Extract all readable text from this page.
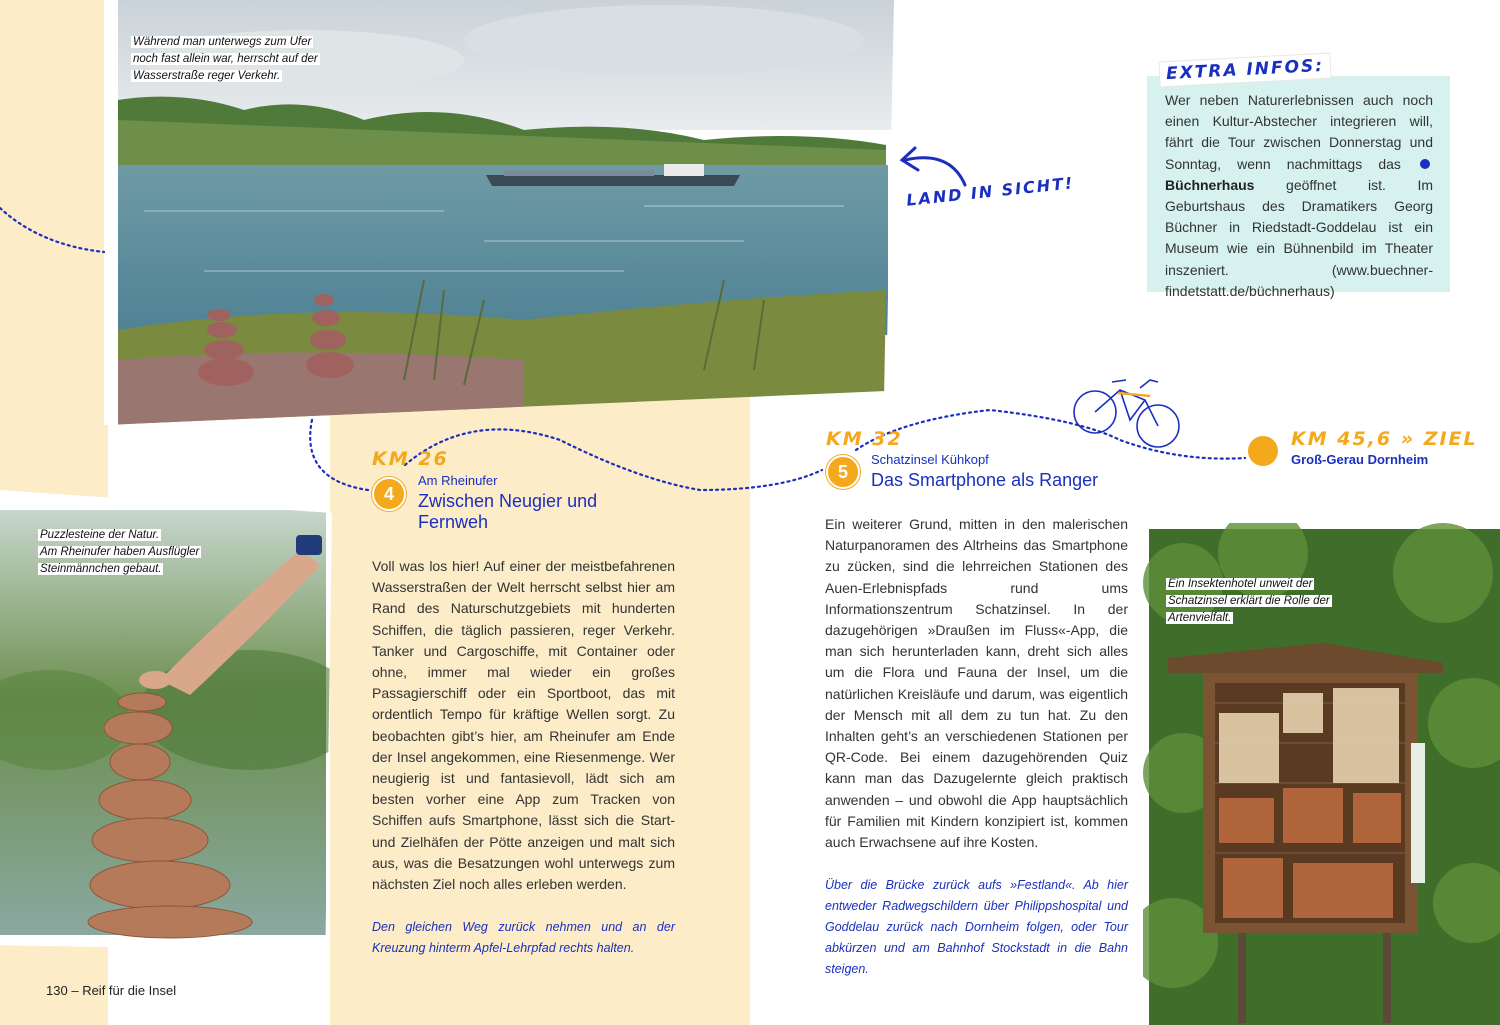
Während man unterwegs zum Ufer
noch fast allein war, herrscht auf der
Wasserstraße reger Verkehr.
Puzzlesteine der Natur.
Am Rheinufer haben Ausflügler
Steinmännchen gebaut.
Ein Insektenhotel unweit der
Schatzinsel erklärt die Rolle der
Artenvielfalt.
LAND IN SICHT!
EXTRA INFOS:
Wer neben Naturerlebnissen auch noch einen Kultur-Abstecher integrieren will, fährt die Tour zwischen Donnerstag und Sonntag, wenn nachmittags das Büchnerhaus geöffnet ist. Im Geburtshaus des Dramatikers Georg Büchner in Riedstadt-Goddelau ist ein Museum wie ein Bühnenbild im Theater inszeniert. (www.buechner-findetstatt.de/büchnerhaus)
KM 26
4
Am Rheinufer
Zwischen Neugier und Fernweh
KM 32
5
Schatzinsel Kühkopf
Das Smartphone als Ranger
KM 45,6 » ZIEL
Groß-Gerau Dornheim
Voll was los hier! Auf einer der meistbefahrenen Wasserstraßen der Welt herrscht selbst hier am Rand des Naturschutzgebiets mit hunderten Schiffen, die täglich passieren, reger Verkehr. Tanker und Cargoschiffe, mit Container oder ohne, immer mal wieder ein großes Passagierschiff oder ein Sportboot, das mit ordentlich Tempo für kräftige Wellen sorgt. Zu beobachten gibt’s hier, am Rheinufer am Ende der Insel angekommen, eine Riesenmenge. Wer neugierig ist und fantasievoll, lädt sich am besten vorher eine App zum Tracken von Schiffen aufs Smartphone, lässt sich die Start- und Zielhäfen der Pötte anzeigen und malt sich aus, was die Besatzungen wohl unterwegs zum nächsten Ziel noch alles erleben werden.
Den gleichen Weg zurück nehmen und an der Kreuzung hinterm Apfel-Lehrpfad rechts halten.
Ein weiterer Grund, mitten in den malerischen Naturpanoramen des Altrheins das Smartphone zu zücken, sind die lehrreichen Stationen des Auen-Erlebnispfads rund ums Informationszentrum Schatzinsel. In der dazugehörigen »Draußen im Fluss«-App, die man sich herunterladen kann, dreht sich alles um die Flora und Fauna der Insel, um die natürlichen Kreisläufe und darum, was eigentlich der Mensch mit all dem zu tun hat. Zu den Inhalten geht’s an verschiedenen Stationen per QR-Code. Bei einem dazugehörenden Quiz kann man das Dazugelernte gleich praktisch anwenden – und obwohl die App hauptsächlich für Familien mit Kindern konzipiert ist, kommen auch Erwachsene auf ihre Kosten.
Über die Brücke zurück aufs »Festland«. Ab hier entweder Radwegschildern über Philippshospital und Goddelau zurück nach Dornheim folgen, oder Tour abkürzen und am Bahnhof Stockstadt in die Bahn steigen.
130 – Reif für die Insel
